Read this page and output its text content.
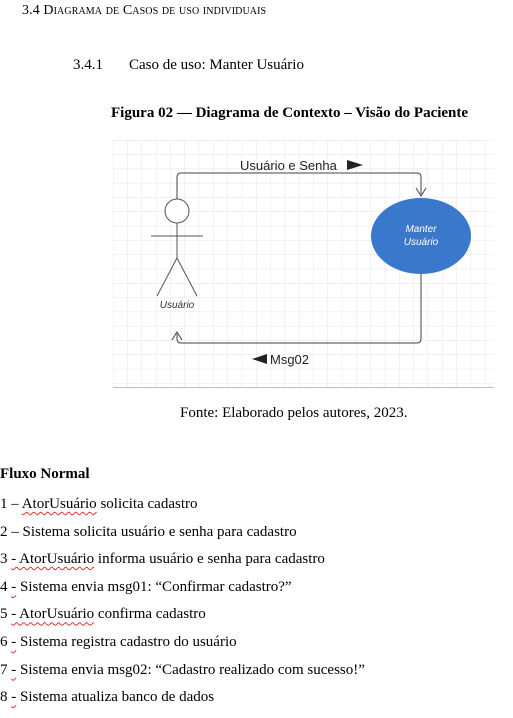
3.4 Diagrama de Casos de uso individuais
3.4.1 Caso de uso: Manter Usuário
Figura 02 — Diagrama de Contexto – Visão do Paciente
Usuário e Senha
Msg02
Usuário
Manter
Usuário
Fonte: Elaborado pelos autores, 2023.
Fluxo Normal
1 – AtorUsuário solicita cadastro
2 – Sistema solicita usuário e senha para cadastro
3 - AtorUsuário informa usuário e senha para cadastro
4 - Sistema envia msg01: “Confirmar cadastro?”
5 - AtorUsuário confirma cadastro
6 - Sistema registra cadastro do usuário
7 - Sistema envia msg02: “Cadastro realizado com sucesso!”
8 - Sistema atualiza banco de dados
